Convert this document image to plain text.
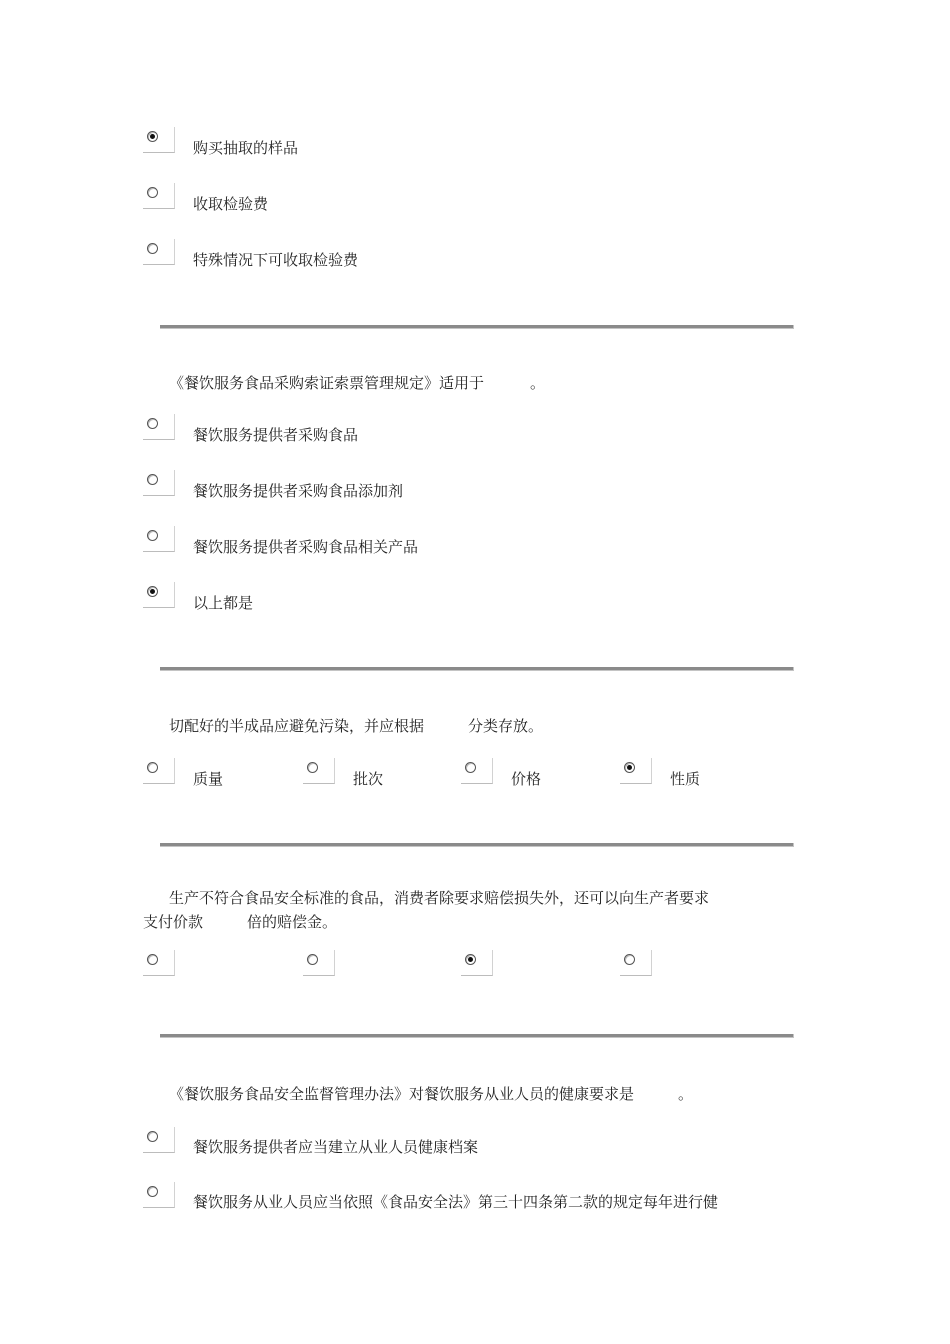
购买抽取的样品
收取检验费
特殊情况下可收取检验费
《餐饮服务食品采购索证索票管理规定》适用于	。
餐饮服务提供者采购食品
餐饮服务提供者采购食品添加剂
餐饮服务提供者采购食品相关产品
以上都是
切配好的半成品应避免污染，并应根据	分类存放。
质量	批次	价格	性质
生产不符合食品安全标准的食品，消费者除要求赔偿损失外，还可以向生产者要求
支付价款	倍的赔偿金。
《餐饮服务食品安全监督管理办法》对餐饮服务从业人员的健康要求是	。
餐饮服务提供者应当建立从业人员健康档案
餐饮服务从业人员应当依照《食品安全法》第三十四条第二款的规定每年进行健
